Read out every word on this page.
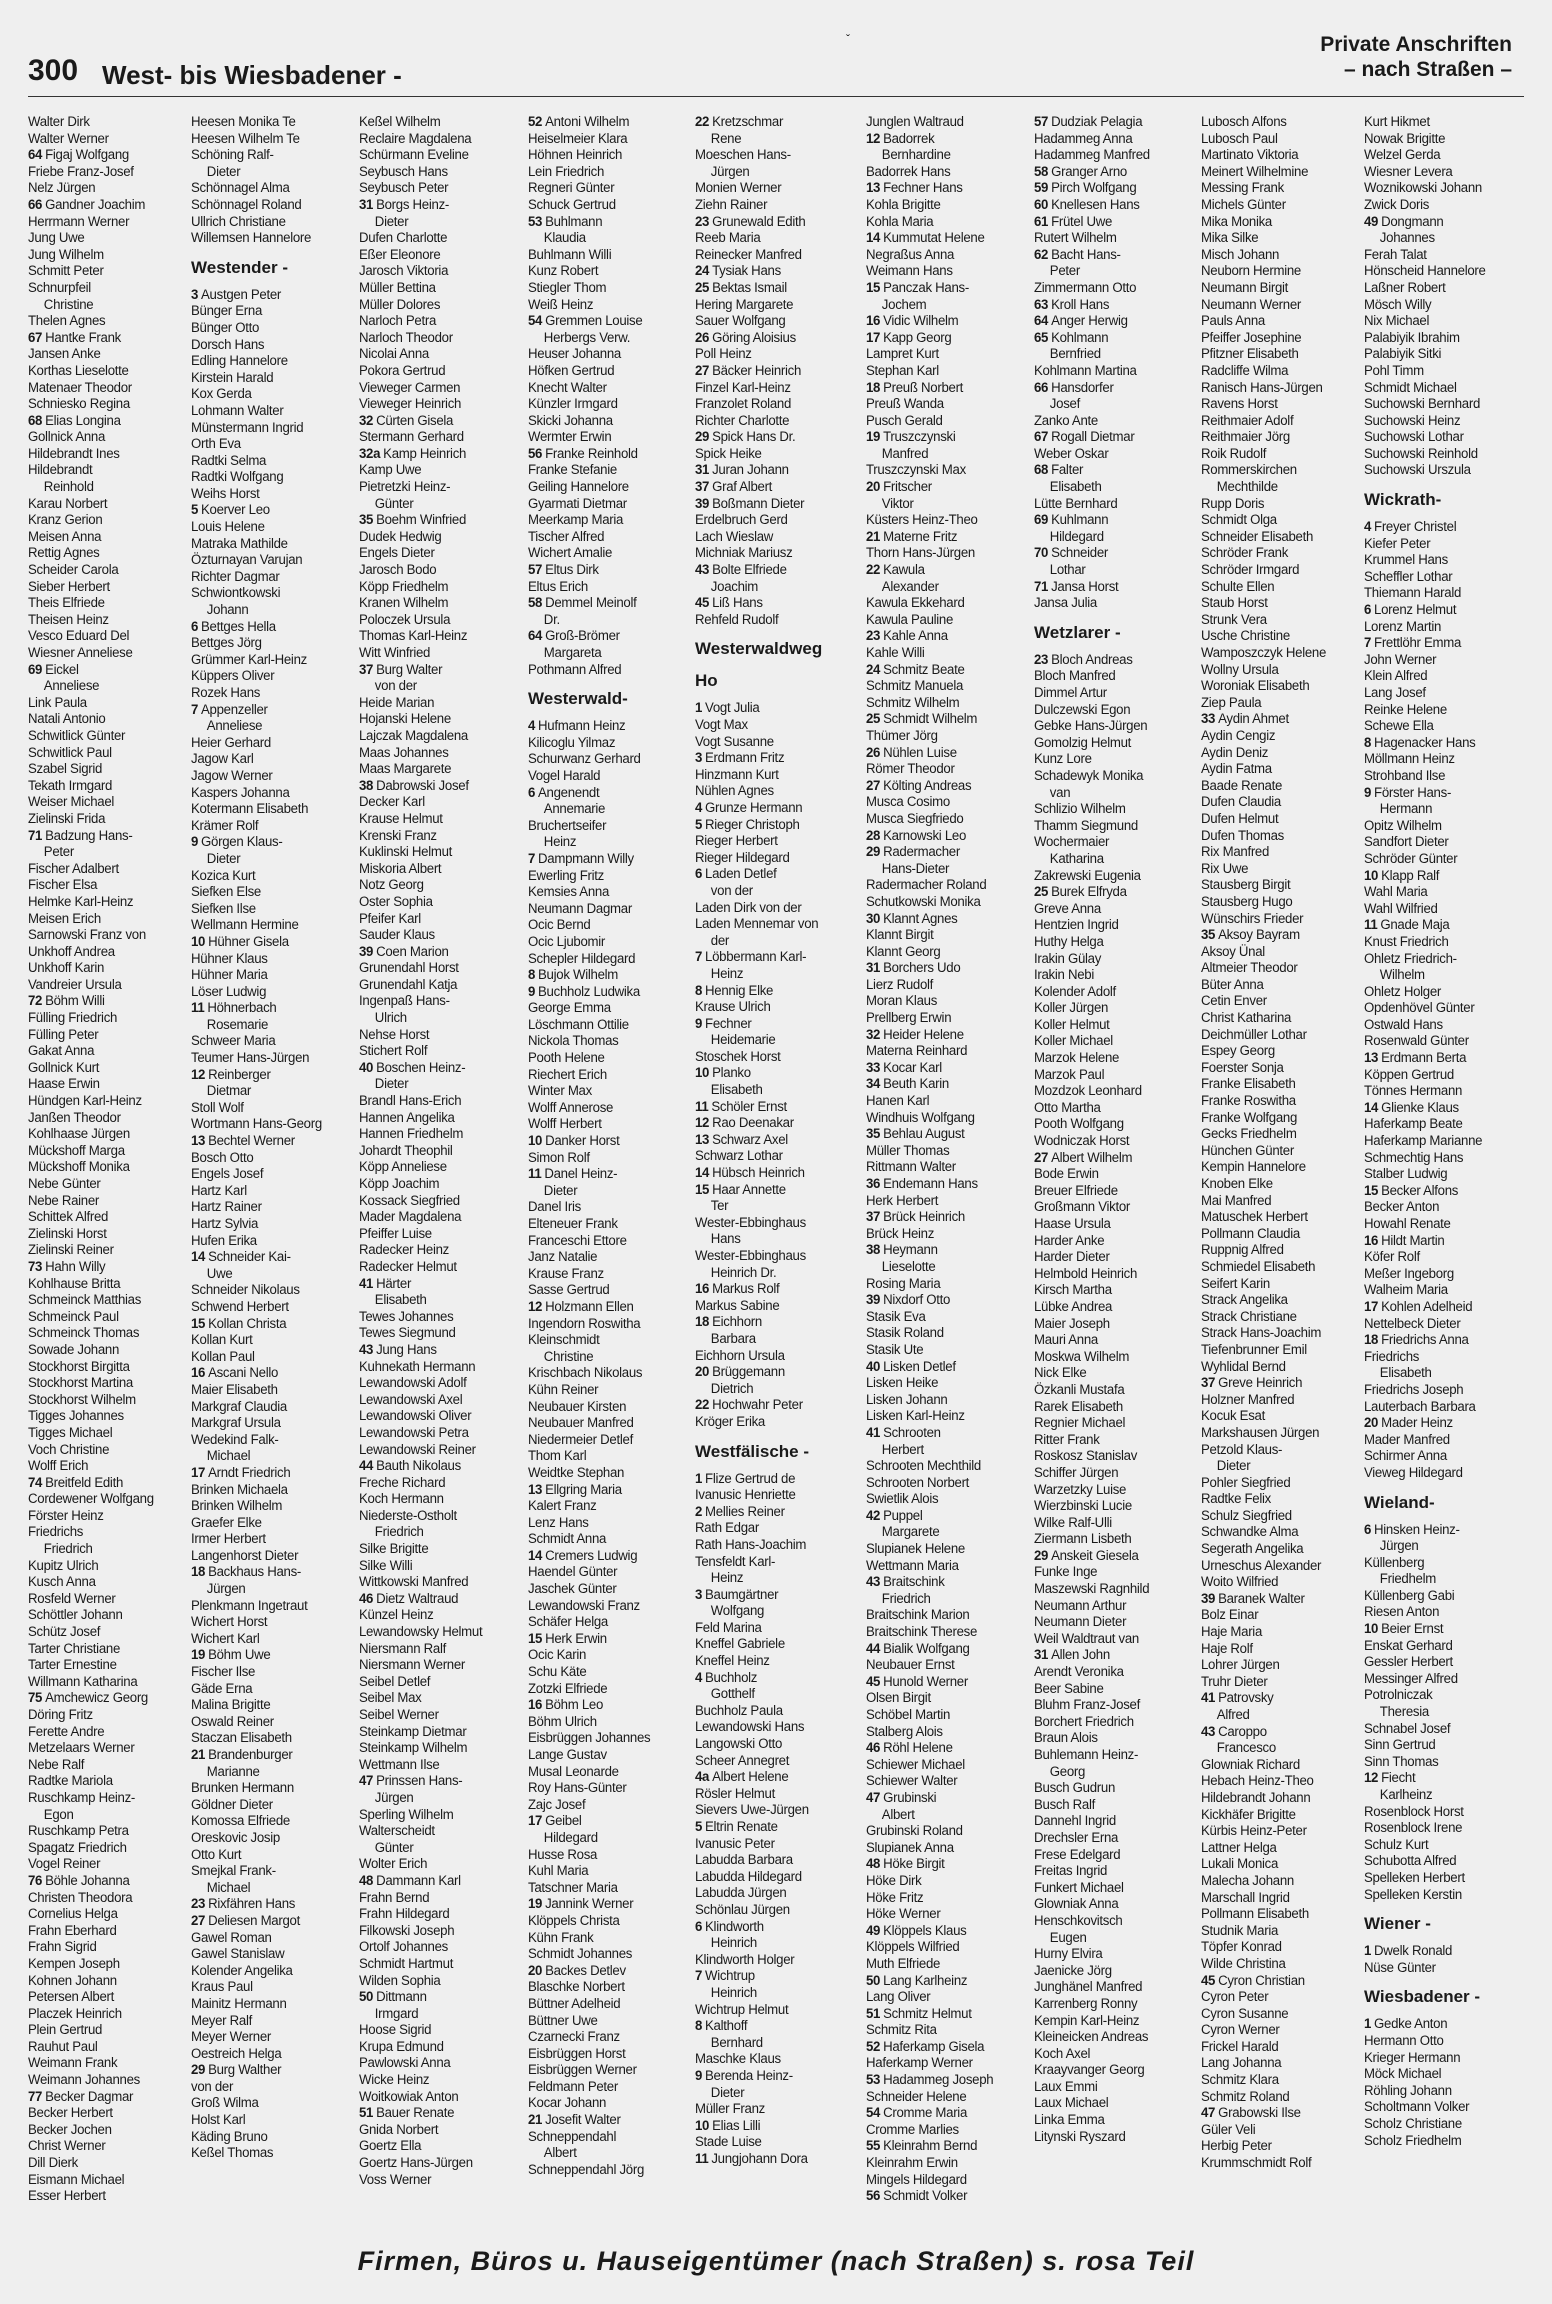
300 West- bis Wiesbadener -
ˇ	Private Anschriften
– nach Straßen –
Walter Dirk
Walter Werner
64 Figaj Wolfgang
Friebe Franz-Josef
Nelz Jürgen
66 Gandner Joachim
Herrmann Werner
Jung Uwe
Jung Wilhelm
Schmitt Peter
Schnurpfeil
Christine
Thelen Agnes
67 Hantke Frank
Jansen Anke
Korthas Lieselotte
Matenaer Theodor
Schniesko Regina
68 Elias Longina
Gollnick Anna
Hildebrandt Ines
Hildebrandt
Reinhold
Karau Norbert
Kranz Gerion
Meisen Anna
Rettig Agnes
Scheider Carola
Sieber Herbert
Theis Elfriede
Theisen Heinz
Vesco Eduard Del
Wiesner Anneliese
69 Eickel
Anneliese
Link Paula
Natali Antonio
Schwitlick Günter
Schwitlick Paul
Szabel Sigrid
Tekath Irmgard
Weiser Michael
Zielinski Frida
71 Badzung Hans-
Peter
Fischer Adalbert
Fischer Elsa
Helmke Karl-Heinz
Meisen Erich
Sarnowski Franz von
Unkhoff Andrea
Unkhoff Karin
Vandreier Ursula
72 Böhm Willi
Fülling Friedrich
Fülling Peter
Gakat Anna
Gollnick Kurt
Haase Erwin
Hündgen Karl-Heinz
Janßen Theodor
Kohlhaase Jürgen
Mückshoff Marga
Mückshoff Monika
Nebe Günter
Nebe Rainer
Schittek Alfred
Zielinski Horst
Zielinski Reiner
73 Hahn Willy
Kohlhause Britta
Schmeinck Matthias
Schmeinck Paul
Schmeinck Thomas
Sowade Johann
Stockhorst Birgitta
Stockhorst Martina
Stockhorst Wilhelm
Tigges Johannes
Tigges Michael
Voch Christine
Wolff Erich
74 Breitfeld Edith
Cordewener Wolfgang
Förster Heinz
Friedrichs
Friedrich
Kupitz Ulrich
Kusch Anna
Rosfeld Werner
Schöttler Johann
Schütz Josef
Tarter Christiane
Tarter Ernestine
Willmann Katharina
75 Amchewicz Georg
Döring Fritz
Ferette Andre
Metzelaars Werner
Nebe Ralf
Radtke Mariola
Ruschkamp Heinz-
Egon
Ruschkamp Petra
Spagatz Friedrich
Vogel Reiner
76 Böhle Johanna
Christen Theodora
Cornelius Helga
Frahn Eberhard
Frahn Sigrid
Kempen Joseph
Kohnen Johann
Petersen Albert
Placzek Heinrich
Plein Gertrud
Rauhut Paul
Weimann Frank
Weimann Johannes
77 Becker Dagmar
Becker Herbert
Becker Jochen
Christ Werner
Dill Dierk
Eismann Michael
Esser Herbert
Heesen Monika Te
Heesen Wilhelm Te
Schöning Ralf-
Dieter
Schönnagel Alma
Schönnagel Roland
Ullrich Christiane
Willemsen Hannelore
Westender -
3 Austgen Peter
Bünger Erna
Bünger Otto
Dorsch Hans
Edling Hannelore
Kirstein Harald
Kox Gerda
Lohmann Walter
Münstermann Ingrid
Orth Eva
Radtki Selma
Radtki Wolfgang
Weihs Horst
5 Koerver Leo
Louis Helene
Matraka Mathilde
Özturnayan Varujan
Richter Dagmar
Schwiontkowski
Johann
6 Bettges Hella
Bettges Jörg
Grümmer Karl-Heinz
Küppers Oliver
Rozek Hans
7 Appenzeller
Anneliese
Heier Gerhard
Jagow Karl
Jagow Werner
Kaspers Johanna
Kotermann Elisabeth
Krämer Rolf
9 Görgen Klaus-
Dieter
Kozica Kurt
Siefken Else
Siefken Ilse
Wellmann Hermine
10 Hühner Gisela
Hühner Klaus
Hühner Maria
Löser Ludwig
11 Höhnerbach
Rosemarie
Schweer Maria
Teumer Hans-Jürgen
12 Reinberger
Dietmar
Stoll Wolf
Wortmann Hans-Georg
13 Bechtel Werner
Bosch Otto
Engels Josef
Hartz Karl
Hartz Rainer
Hartz Sylvia
Hufen Erika
14 Schneider Kai-
Uwe
Schneider Nikolaus
Schwend Herbert
15 Kollan Christa
Kollan Kurt
Kollan Paul
16 Ascani Nello
Maier Elisabeth
Markgraf Claudia
Markgraf Ursula
Wedekind Falk-
Michael
17 Arndt Friedrich
Brinken Michaela
Brinken Wilhelm
Graefer Elke
Irmer Herbert
Langenhorst Dieter
18 Backhaus Hans-
Jürgen
Plenkmann Ingetraut
Wichert Horst
Wichert Karl
19 Böhm Uwe
Fischer Ilse
Gäde Erna
Malina Brigitte
Oswald Reiner
Staczan Elisabeth
21 Brandenburger
Marianne
Brunken Hermann
Göldner Dieter
Komossa Elfriede
Oreskovic Josip
Otto Kurt
Smejkal Frank-
Michael
23 Rixfähren Hans
27 Deliesen Margot
Gawel Roman
Gawel Stanislaw
Kolender Angelika
Kraus Paul
Mainitz Hermann
Meyer Ralf
Meyer Werner
Oestreich Helga
29 Burg Walther
von der
Groß Wilma
Holst Karl
Käding Bruno
Keßel Thomas
Keßel Wilhelm
Reclaire Magdalena
Schürmann Eveline
Seybusch Hans
Seybusch Peter
31 Borgs Heinz-
Dieter
Dufen Charlotte
Eßer Eleonore
Jarosch Viktoria
Müller Bettina
Müller Dolores
Narloch Petra
Narloch Theodor
Nicolai Anna
Pokora Gertrud
Vieweger Carmen
Vieweger Heinrich
32 Cürten Gisela
Stermann Gerhard
32a Kamp Heinrich
Kamp Uwe
Pietretzki Heinz-
Günter
35 Boehm Winfried
Dudek Hedwig
Engels Dieter
Jarosch Bodo
Köpp Friedhelm
Kranen Wilhelm
Poloczek Ursula
Thomas Karl-Heinz
Witt Winfried
37 Burg Walter
von der
Heide Marian
Hojanski Helene
Lajczak Magdalena
Maas Johannes
Maas Margarete
38 Dabrowski Josef
Decker Karl
Krause Helmut
Krenski Franz
Kuklinski Helmut
Miskoria Albert
Notz Georg
Oster Sophia
Pfeifer Karl
Sauder Klaus
39 Coen Marion
Grunendahl Horst
Grunendahl Katja
Ingenpaß Hans-
Ulrich
Nehse Horst
Stichert Rolf
40 Boschen Heinz-
Dieter
Brandl Hans-Erich
Hannen Angelika
Hannen Friedhelm
Johardt Theophil
Köpp Anneliese
Köpp Joachim
Kossack Siegfried
Mader Magdalena
Pfeiffer Luise
Radecker Heinz
Radecker Helmut
41 Härter
Elisabeth
Tewes Johannes
Tewes Siegmund
43 Jung Hans
Kuhnekath Hermann
Lewandowski Adolf
Lewandowski Axel
Lewandowski Oliver
Lewandowski Petra
Lewandowski Reiner
44 Bauth Nikolaus
Freche Richard
Koch Hermann
Niederste-Ostholt
Friedrich
Silke Brigitte
Silke Willi
Wittkowski Manfred
46 Dietz Waltraud
Künzel Heinz
Lewandowsky Helmut
Niersmann Ralf
Niersmann Werner
Seibel Detlef
Seibel Max
Seibel Werner
Steinkamp Dietmar
Steinkamp Wilhelm
Wettmann Ilse
47 Prinssen Hans-
Jürgen
Sperling Wilhelm
Walterscheidt
Günter
Wolter Erich
48 Dammann Karl
Frahn Bernd
Frahn Hildegard
Filkowski Joseph
Ortolf Johannes
Schmidt Hartmut
Wilden Sophia
50 Dittmann
Irmgard
Hoose Sigrid
Krupa Edmund
Pawlowski Anna
Wicke Heinz
Woitkowiak Anton
51 Bauer Renate
Gnida Norbert
Goertz Ella
Goertz Hans-Jürgen
Voss Werner
52 Antoni Wilhelm
Heiselmeier Klara
Höhnen Heinrich
Lein Friedrich
Regneri Günter
Schuck Gertrud
53 Buhlmann
Klaudia
Buhlmann Willi
Kunz Robert
Stiegler Thom
Weiß Heinz
54 Gremmen Louise
Herbergs Verw.
Heuser Johanna
Höfken Gertrud
Knecht Walter
Künzler Irmgard
Skicki Johanna
Wermter Erwin
56 Franke Reinhold
Franke Stefanie
Geiling Hannelore
Gyarmati Dietmar
Meerkamp Maria
Tischer Alfred
Wichert Amalie
57 Eltus Dirk
Eltus Erich
58 Demmel Meinolf
Dr.
64 Groß-Brömer
Margareta
Pothmann Alfred
Westerwald-
4 Hufmann Heinz
Kilicoglu Yilmaz
Schurwanz Gerhard
Vogel Harald
6 Angenendt
Annemarie
Bruchertseifer
Heinz
7 Dampmann Willy
Ewerling Fritz
Kemsies Anna
Neumann Dagmar
Ocic Bernd
Ocic Ljubomir
Schepler Hildegard
8 Bujok Wilhelm
9 Buchholz Ludwika
George Emma
Löschmann Ottilie
Nickola Thomas
Pooth Helene
Riechert Erich
Winter Max
Wolff Annerose
Wolff Herbert
10 Danker Horst
Simon Rolf
11 Danel Heinz-
Dieter
Danel Iris
Elteneuer Frank
Franceschi Ettore
Janz Natalie
Krause Franz
Sasse Gertrud
12 Holzmann Ellen
Ingendorn Roswitha
Kleinschmidt
Christine
Krischbach Nikolaus
Kühn Reiner
Neubauer Kirsten
Neubauer Manfred
Niedermeier Detlef
Thom Karl
Weidtke Stephan
13 Ellgring Maria
Kalert Franz
Lenz Hans
Schmidt Anna
14 Cremers Ludwig
Haendel Günter
Jaschek Günter
Lewandowski Franz
Schäfer Helga
15 Herk Erwin
Ocic Karin
Schu Käte
Zotzki Elfriede
16 Böhm Leo
Böhm Ulrich
Eisbrüggen Johannes
Lange Gustav
Musal Leonarde
Roy Hans-Günter
Zajc Josef
17 Geibel
Hildegard
Husse Rosa
Kuhl Maria
Tatschner Maria
19 Jannink Werner
Klöppels Christa
Kühn Frank
Schmidt Johannes
20 Backes Detlev
Blaschke Norbert
Büttner Adelheid
Büttner Uwe
Czarnecki Franz
Eisbrüggen Horst
Eisbrüggen Werner
Feldmann Peter
Kocar Johann
21 Josefit Walter
Schneppendahl
Albert
Schneppendahl Jörg
22 Kretzschmar
Rene
Moeschen Hans-
Jürgen
Monien Werner
Ziehn Rainer
23 Grunewald Edith
Reeb Maria
Reinecker Manfred
24 Tysiak Hans
25 Bektas Ismail
Hering Margarete
Sauer Wolfgang
26 Göring Aloisius
Poll Heinz
27 Bäcker Heinrich
Finzel Karl-Heinz
Franzolet Roland
Richter Charlotte
29 Spick Hans Dr.
Spick Heike
31 Juran Johann
37 Graf Albert
39 Boßmann Dieter
Erdelbruch Gerd
Lach Wieslaw
Michniak Mariusz
43 Bolte Elfriede
Joachim
45 Liß Hans
Rehfeld Rudolf
Westerwaldweg
Ho
1 Vogt Julia
Vogt Max
Vogt Susanne
3 Erdmann Fritz
Hinzmann Kurt
Nühlen Agnes
4 Grunze Hermann
5 Rieger Christoph
Rieger Herbert
Rieger Hildegard
6 Laden Detlef
von der
Laden Dirk von der
Laden Mennemar von
der
7 Löbbermann Karl-
Heinz
8 Hennig Elke
Krause Ulrich
9 Fechner
Heidemarie
Stoschek Horst
10 Planko
Elisabeth
11 Schöler Ernst
12 Rao Deenakar
13 Schwarz Axel
Schwarz Lothar
14 Hübsch Heinrich
15 Haar Annette
Ter
Wester-Ebbinghaus
Hans
Wester-Ebbinghaus
Heinrich Dr.
16 Markus Rolf
Markus Sabine
18 Eichhorn
Barbara
Eichhorn Ursula
20 Brüggemann
Dietrich
22 Hochwahr Peter
Kröger Erika
Westfälische -
1 Flize Gertrud de
Ivanusic Henriette
2 Mellies Reiner
Rath Edgar
Rath Hans-Joachim
Tensfeldt Karl-
Heinz
3 Baumgärtner
Wolfgang
Feld Marina
Kneffel Gabriele
Kneffel Heinz
4 Buchholz
Gotthelf
Buchholz Paula
Lewandowski Hans
Langowski Otto
Scheer Annegret
4a Albert Helene
Rösler Helmut
Sievers Uwe-Jürgen
5 Eltrin Renate
Ivanusic Peter
Labudda Barbara
Labudda Hildegard
Labudda Jürgen
Schönlau Jürgen
6 Klindworth
Heinrich
Klindworth Holger
7 Wichtrup
Heinrich
Wichtrup Helmut
8 Kalthoff
Bernhard
Maschke Klaus
9 Berenda Heinz-
Dieter
Müller Franz
10 Elias Lilli
Stade Luise
11 Jungjohann Dora
Junglen Waltraud
12 Badorrek
Bernhardine
Badorrek Hans
13 Fechner Hans
Kohla Brigitte
Kohla Maria
14 Kummutat Helene
Negraßus Anna
Weimann Hans
15 Panczak Hans-
Jochem
16 Vidic Wilhelm
17 Kapp Georg
Lampret Kurt
Stephan Karl
18 Preuß Norbert
Preuß Wanda
Pusch Gerald
19 Truszczynski
Manfred
Truszczynski Max
20 Fritscher
Viktor
Küsters Heinz-Theo
21 Materne Fritz
Thorn Hans-Jürgen
22 Kawula
Alexander
Kawula Ekkehard
Kawula Pauline
23 Kahle Anna
Kahle Willi
24 Schmitz Beate
Schmitz Manuela
Schmitz Wilhelm
25 Schmidt Wilhelm
Thümer Jörg
26 Nühlen Luise
Römer Theodor
27 Költing Andreas
Musca Cosimo
Musca Siegfriedo
28 Karnowski Leo
29 Radermacher
Hans-Dieter
Radermacher Roland
Schutkowski Monika
30 Klannt Agnes
Klannt Birgit
Klannt Georg
31 Borchers Udo
Lierz Rudolf
Moran Klaus
Prellberg Erwin
32 Heider Helene
Materna Reinhard
33 Kocar Karl
34 Beuth Karin
Hanen Karl
Windhuis Wolfgang
35 Behlau August
Müller Thomas
Rittmann Walter
36 Endemann Hans
Herk Herbert
37 Brück Heinrich
Brück Heinz
38 Heymann
Lieselotte
Rosing Maria
39 Nixdorf Otto
Stasik Eva
Stasik Roland
Stasik Ute
40 Lisken Detlef
Lisken Heike
Lisken Johann
Lisken Karl-Heinz
41 Schrooten
Herbert
Schrooten Mechthild
Schrooten Norbert
Swietlik Alois
42 Puppel
Margarete
Slupianek Helene
Wettmann Maria
43 Braitschink
Friedrich
Braitschink Marion
Braitschink Therese
44 Bialik Wolfgang
Neubauer Ernst
45 Hunold Werner
Olsen Birgit
Schöbel Martin
Stalberg Alois
46 Röhl Helene
Schiewer Michael
Schiewer Walter
47 Grubinski
Albert
Grubinski Roland
Slupianek Anna
48 Höke Birgit
Höke Dirk
Höke Fritz
Höke Werner
49 Klöppels Klaus
Klöppels Wilfried
Muth Elfriede
50 Lang Karlheinz
Lang Oliver
51 Schmitz Helmut
Schmitz Rita
52 Haferkamp Gisela
Haferkamp Werner
53 Hadammeg Joseph
Schneider Helene
54 Cromme Maria
Cromme Marlies
55 Kleinrahm Bernd
Kleinrahm Erwin
Mingels Hildegard
56 Schmidt Volker
57 Dudziak Pelagia
Hadammeg Anna
Hadammeg Manfred
58 Granger Arno
59 Pirch Wolfgang
60 Knellesen Hans
61 Frütel Uwe
Rutert Wilhelm
62 Bacht Hans-
Peter
Zimmermann Otto
63 Kroll Hans
64 Anger Herwig
65 Kohlmann
Bernfried
Kohlmann Martina
66 Hansdorfer
Josef
Zanko Ante
67 Rogall Dietmar
Weber Oskar
68 Falter
Elisabeth
Lütte Bernhard
69 Kuhlmann
Hildegard
70 Schneider
Lothar
71 Jansa Horst
Jansa Julia
Wetzlarer -
23 Bloch Andreas
Bloch Manfred
Dimmel Artur
Dulczewski Egon
Gebke Hans-Jürgen
Gomolzig Helmut
Kunz Lore
Schadewyk Monika
van
Schlizio Wilhelm
Thamm Siegmund
Wochermaier
Katharina
Zakrewski Eugenia
25 Burek Elfryda
Greve Anna
Hentzien Ingrid
Huthy Helga
Irakin Gülay
Irakin Nebi
Kolender Adolf
Koller Jürgen
Koller Helmut
Koller Michael
Marzok Helene
Marzok Paul
Mozdzok Leonhard
Otto Martha
Pooth Wolfgang
Wodniczak Horst
27 Albert Wilhelm
Bode Erwin
Breuer Elfriede
Großmann Viktor
Haase Ursula
Harder Anke
Harder Dieter
Helmbold Heinrich
Kirsch Martha
Lübke Andrea
Maier Joseph
Mauri Anna
Moskwa Wilhelm
Nick Elke
Özkanli Mustafa
Rarek Elisabeth
Regnier Michael
Ritter Frank
Roskosz Stanislav
Schiffer Jürgen
Warzetzky Luise
Wierzbinski Lucie
Wilke Ralf-Ulli
Ziermann Lisbeth
29 Anskeit Giesela
Funke Inge
Maszewski Ragnhild
Neumann Arthur
Neumann Dieter
Weil Waldtraut van
31 Allen John
Arendt Veronika
Beer Sabine
Bluhm Franz-Josef
Borchert Friedrich
Braun Alois
Buhlemann Heinz-
Georg
Busch Gudrun
Busch Ralf
Dannehl Ingrid
Drechsler Erna
Frese Edelgard
Freitas Ingrid
Funkert Michael
Glowniak Anna
Henschkovitsch
Eugen
Hurny Elvira
Jaenicke Jörg
Junghänel Manfred
Karrenberg Ronny
Kempin Karl-Heinz
Kleineicken Andreas
Koch Axel
Kraayvanger Georg
Laux Emmi
Laux Michael
Linka Emma
Litynski Ryszard
Lubosch Alfons
Lubosch Paul
Martinato Viktoria
Meinert Wilhelmine
Messing Frank
Michels Günter
Mika Monika
Mika Silke
Misch Johann
Neuborn Hermine
Neumann Birgit
Neumann Werner
Pauls Anna
Pfeiffer Josephine
Pfitzner Elisabeth
Radcliffe Wilma
Ranisch Hans-Jürgen
Ravens Horst
Reithmaier Adolf
Reithmaier Jörg
Roik Rudolf
Rommerskirchen
Mechthilde
Rupp Doris
Schmidt Olga
Schneider Elisabeth
Schröder Frank
Schröder Irmgard
Schulte Ellen
Staub Horst
Strunk Vera
Usche Christine
Wamposzczyk Helene
Wollny Ursula
Woroniak Elisabeth
Ziep Paula
33 Aydin Ahmet
Aydin Cengiz
Aydin Deniz
Aydin Fatma
Baade Renate
Dufen Claudia
Dufen Helmut
Dufen Thomas
Rix Manfred
Rix Uwe
Stausberg Birgit
Stausberg Hugo
Wünschirs Frieder
35 Aksoy Bayram
Aksoy Ünal
Altmeier Theodor
Büter Anna
Cetin Enver
Christ Katharina
Deichmüller Lothar
Espey Georg
Foerster Sonja
Franke Elisabeth
Franke Roswitha
Franke Wolfgang
Gecks Friedhelm
Hünchen Günter
Kempin Hannelore
Knoben Elke
Mai Manfred
Matuschek Herbert
Pollmann Claudia
Ruppnig Alfred
Schmiedel Elisabeth
Seifert Karin
Strack Angelika
Strack Christiane
Strack Hans-Joachim
Tiefenbrunner Emil
Wyhlidal Bernd
37 Greve Heinrich
Holzner Manfred
Kocuk Esat
Markshausen Jürgen
Petzold Klaus-
Dieter
Pohler Siegfried
Radtke Felix
Schulz Siegfried
Schwandke Alma
Segerath Angelika
Urneschus Alexander
Woito Wilfried
39 Baranek Walter
Bolz Einar
Haje Maria
Haje Rolf
Lohrer Jürgen
Truhr Dieter
41 Patrovsky
Alfred
43 Caroppo
Francesco
Glowniak Richard
Hebach Heinz-Theo
Hildebrandt Johann
Kickhäfer Brigitte
Kürbis Heinz-Peter
Lattner Helga
Lukali Monica
Malecha Johann
Marschall Ingrid
Pollmann Elisabeth
Studnik Maria
Töpfer Konrad
Wilde Christina
45 Cyron Christian
Cyron Peter
Cyron Susanne
Cyron Werner
Frickel Harald
Lang Johanna
Schmitz Klara
Schmitz Roland
47 Grabowski Ilse
Güler Veli
Herbig Peter
Krummschmidt Rolf
Kurt Hikmet
Nowak Brigitte
Welzel Gerda
Wiesner Levera
Woznikowski Johann
Zwick Doris
49 Dongmann
Johannes
Ferah Talat
Hönscheid Hannelore
Laßner Robert
Mösch Willy
Nix Michael
Palabiyik Ibrahim
Palabiyik Sitki
Pohl Timm
Schmidt Michael
Suchowski Bernhard
Suchowski Heinz
Suchowski Lothar
Suchowski Reinhold
Suchowski Urszula
Wickrath-
4 Freyer Christel
Kiefer Peter
Krummel Hans
Scheffler Lothar
Thiemann Harald
6 Lorenz Helmut
Lorenz Martin
7 Frettlöhr Emma
John Werner
Klein Alfred
Lang Josef
Reinke Helene
Schewe Ella
8 Hagenacker Hans
Möllmann Heinz
Strohband Ilse
9 Förster Hans-
Hermann
Opitz Wilhelm
Sandfort Dieter
Schröder Günter
10 Klapp Ralf
Wahl Maria
Wahl Wilfried
11 Gnade Maja
Knust Friedrich
Ohletz Friedrich-
Wilhelm
Ohletz Holger
Opdenhövel Günter
Ostwald Hans
Rosenwald Günter
13 Erdmann Berta
Köppen Gertrud
Tönnes Hermann
14 Glienke Klaus
Haferkamp Beate
Haferkamp Marianne
Schmechtig Hans
Stalber Ludwig
15 Becker Alfons
Becker Anton
Howahl Renate
16 Hildt Martin
Köfer Rolf
Meßer Ingeborg
Walheim Maria
17 Kohlen Adelheid
Nettelbeck Dieter
18 Friedrichs Anna
Friedrichs
Elisabeth
Friedrichs Joseph
Lauterbach Barbara
20 Mader Heinz
Mader Manfred
Schirmer Anna
Vieweg Hildegard
Wieland-
6 Hinsken Heinz-
Jürgen
Küllenberg
Friedhelm
Küllenberg Gabi
Riesen Anton
10 Beier Ernst
Enskat Gerhard
Gessler Herbert
Messinger Alfred
Potrolniczak
Theresia
Schnabel Josef
Sinn Gertrud
Sinn Thomas
12 Fiecht
Karlheinz
Rosenblock Horst
Rosenblock Irene
Schulz Kurt
Schubotta Alfred
Spelleken Herbert
Spelleken Kerstin
Wiener -
1 Dwelk Ronald
Nüse Günter
Wiesbadener -
1 Gedke Anton
Hermann Otto
Krieger Hermann
Möck Michael
Röhling Johann
Scholtmann Volker
Scholz Christiane
Scholz Friedhelm
Firmen, Büros u. Hauseigentümer (nach Straßen) s. rosa Teil
